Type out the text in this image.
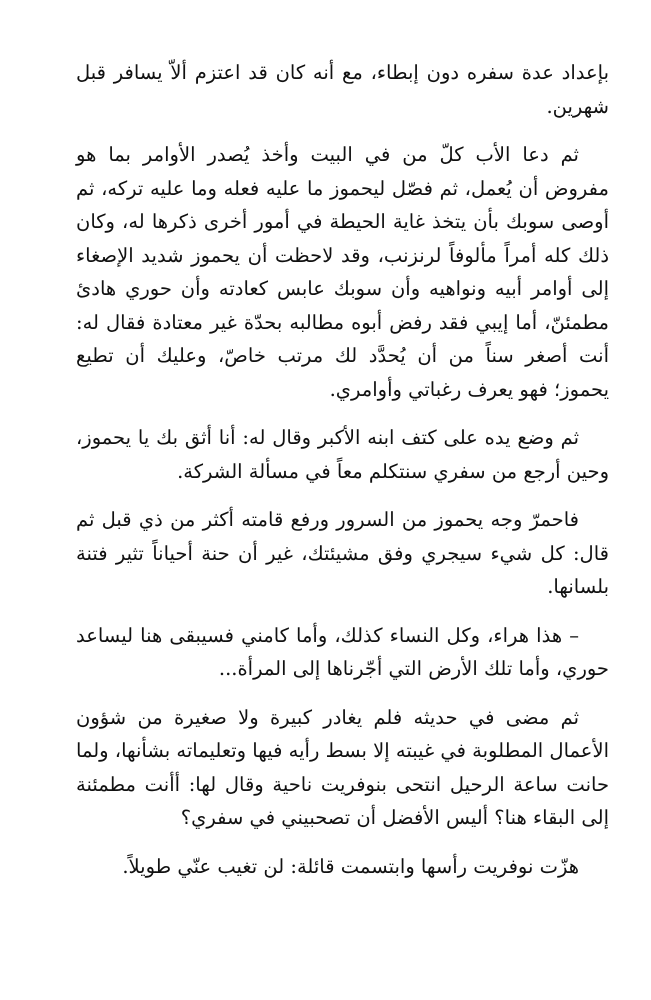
بإعداد عدة سفره دون إبطاء، مع أنه كان قد اعتزم ألاّ يسافر قبل شهرين.

ثم دعا الأب كلّ من في البيت وأخذ يُصدر الأوامر بما هو مفروض أن يُعمل، ثم فصّل ليحموز ما عليه فعله وما عليه تركه، ثم أوصى سوبك بأن يتخذ غاية الحيطة في أمور أخرى ذكرها له، وكان ذلك كله أمراً مألوفاً لرنزنب، وقد لاحظت أن يحموز شديد الإصغاء إلى أوامر أبيه ونواهيه وأن سوبك عابس كعادته وأن حوري هادئ مطمئنّ، أما إيبي فقد رفض أبوه مطالبه بحدّة غير معتادة فقال له: أنت أصغر سناً من أن يُحدَّد لك مرتب خاصّ، وعليك أن تطيع يحموز؛ فهو يعرف رغباتي وأوامري.

ثم وضع يده على كتف ابنه الأكبر وقال له: أنا أثق بك يا يحموز، وحين أرجع من سفري سنتكلم معاً في مسألة الشركة.

فاحمرّ وجه يحموز من السرور ورفع قامته أكثر من ذي قبل ثم قال: كل شيء سيجري وفق مشيئتك، غير أن حنة أحياناً تثير فتنة بلسانها.

– هذا هراء، وكل النساء كذلك، وأما كامني فسيبقى هنا ليساعد حوري، وأما تلك الأرض التي أجّرناها إلى المرأة...

ثم مضى في حديثه فلم يغادر كبيرة ولا صغيرة من شؤون الأعمال المطلوبة في غيبته إلا بسط رأيه فيها وتعليماته بشأنها، ولما حانت ساعة الرحيل انتحى بنوفريت ناحية وقال لها: أأنت مطمئنة إلى البقاء هنا؟ أليس الأفضل أن تصحبيني في سفري؟

هزّت نوفريت رأسها وابتسمت قائلة: لن تغيب عنّي طويلاً.
